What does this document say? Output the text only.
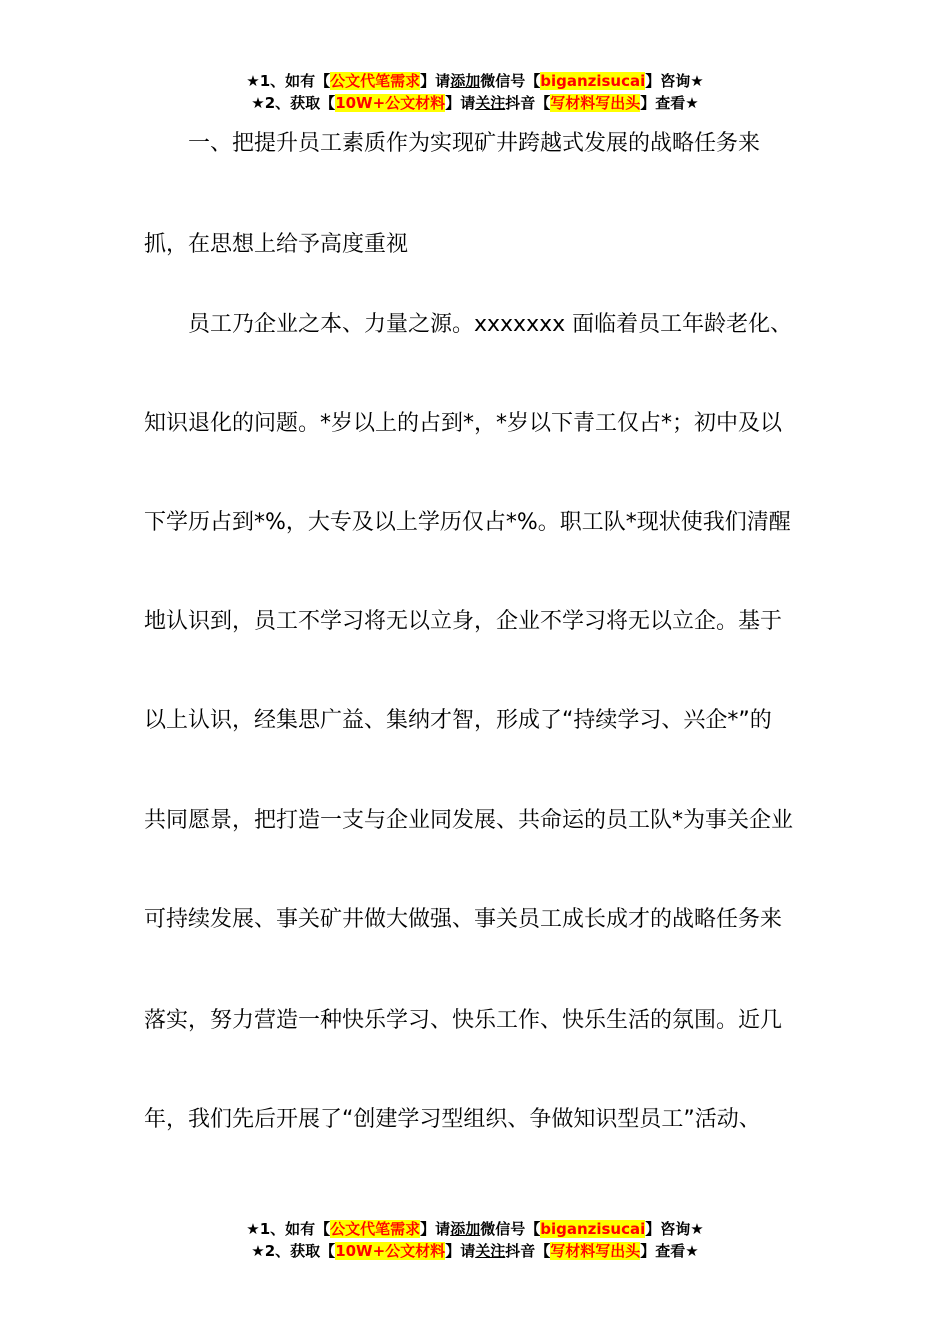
★1、如有【公文代笔需求】请添加微信号【biganzisucai】咨询★
★2、获取【10W+公文材料】请关注抖音【写材料写出头】查看★
一、把提升员工素质作为实现矿井跨越式发展的战略任务来
抓，在思想上给予高度重视
员工乃企业之本、力量之源。xxxxxxx 面临着员工年龄老化、
知识退化的问题。*岁以上的占到*，*岁以下青工仅占*；初中及以
下学历占到*%，大专及以上学历仅占*%。职工队*现状使我们清醒
地认识到，员工不学习将无以立身，企业不学习将无以立企。基于
以上认识，经集思广益、集纳才智，形成了“持续学习、兴企*”的
共同愿景，把打造一支与企业同发展、共命运的员工队*为事关企业
可持续发展、事关矿井做大做强、事关员工成长成才的战略任务来
落实，努力营造一种快乐学习、快乐工作、快乐生活的氛围。近几
年，我们先后开展了“创建学习型组织、争做知识型员工”活动、
★1、如有【公文代笔需求】请添加微信号【biganzisucai】咨询★
★2、获取【10W+公文材料】请关注抖音【写材料写出头】查看★
